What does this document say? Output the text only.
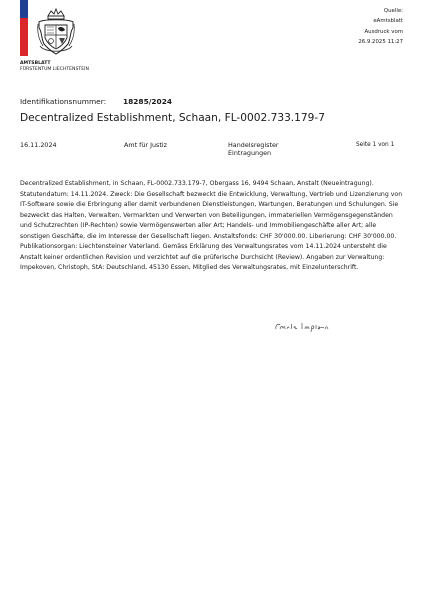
AMTSBLATT
FÜRSTENTUM LIECHTENSTEIN
Quelle:
eAmtsblatt
Ausdruck vom
26.9.2025 11:27
Identifikationsnummer: 18285/2024
Decentralized Establishment, Schaan, FL-0002.733.179-7
16.11.2024	Amt für Justiz	Handelsregister
Eintragungen
Seite 1 von 1
Decentralized Establishment, in Schaan, FL-0002.733.179-7, Obergass 16, 9494 Schaan, Anstalt (Neueintragung). Statutendatum: 14.11.2024. Zweck: Die Gesellschaft bezweckt die Entwicklung, Verwaltung, Vertrieb und Lizenzierung von IT-Software sowie die Erbringung aller damit verbundenen Dienstleistungen, Wartungen, Beratungen und Schulungen. Sie bezweckt das Halten, Verwalten, Vermarkten und Verwerten von Beteiligungen, immateriellen Vermögensgegenständen und Schutzrechten (IP-Rechten) sowie Vermögenswerten aller Art; Handels- und Immobiliengeschäfte aller Art; alle sonstigen Geschäfte, die im Interesse der Gesellschaft liegen. Anstaltsfonds: CHF 30'000.00. Liberierung: CHF 30'000.00. Publikationsorgan: Liechtensteiner Vaterland. Gemäss Erklärung des Verwaltungsrates vom 14.11.2024 untersteht die Anstalt keiner ordentlichen Revision und verzichtet auf die prüferische Durchsicht (Review). Angaben zur Verwaltung: Impekoven, Christoph, StA: Deutschland, 45130 Essen, Mitglied des Verwaltungsrates, mit Einzelunterschrift.
